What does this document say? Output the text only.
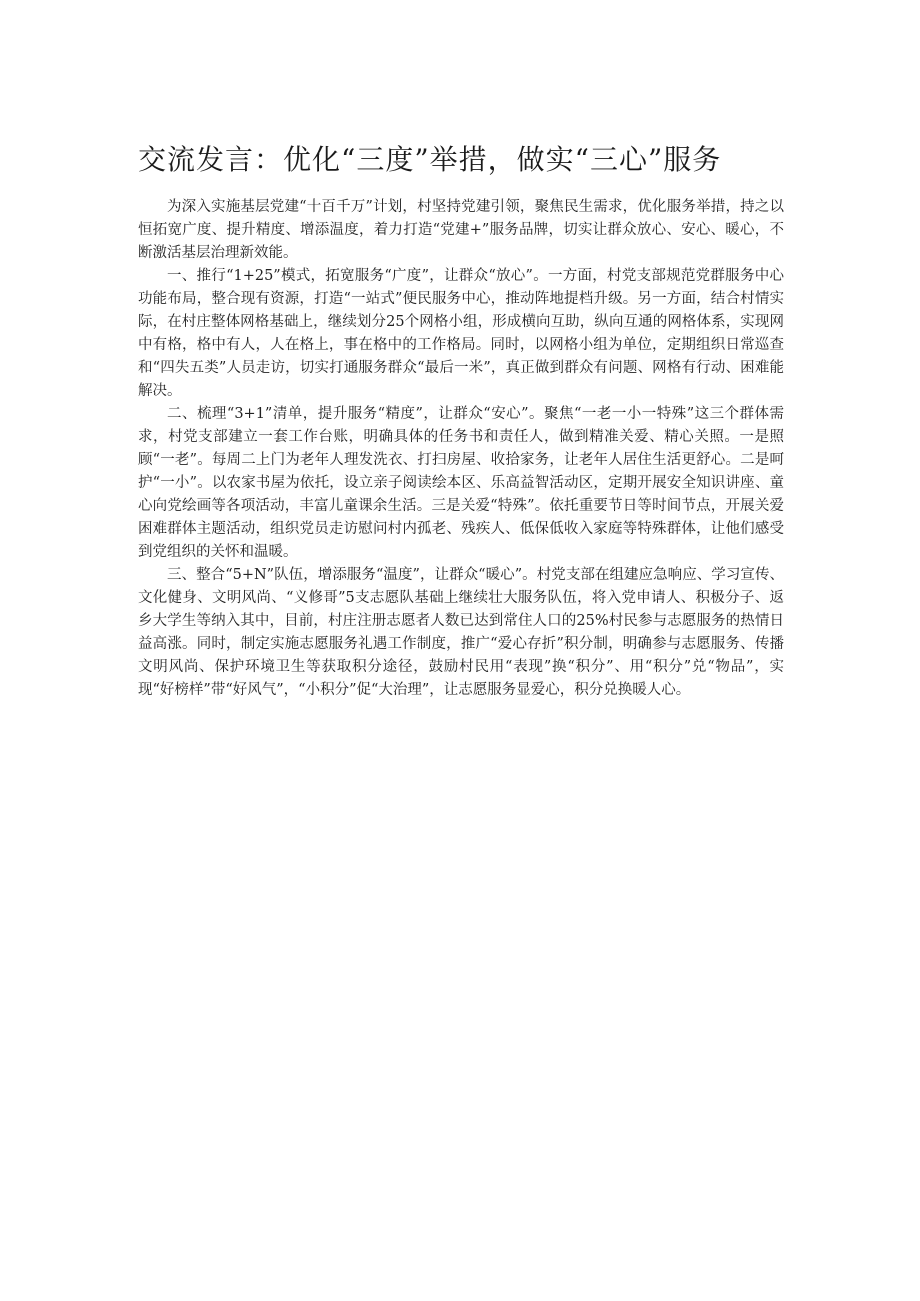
交流发言：优化“三度”举措，做实“三心”服务

为深入实施基层党建“十百千万”计划，村坚持党建引领，聚焦民生需求，优化服务举措，持之以恒拓宽广度、提升精度、增添温度，着力打造“党建+”服务品牌，切实让群众放心、安心、暖心，不断激活基层治理新效能。

一、推行“1+25”模式，拓宽服务“广度”，让群众“放心”。一方面，村党支部规范党群服务中心功能布局，整合现有资源，打造“一站式”便民服务中心，推动阵地提档升级。另一方面，结合村情实际，在村庄整体网格基础上，继续划分25个网格小组，形成横向互助，纵向互通的网格体系，实现网中有格，格中有人，人在格上，事在格中的工作格局。同时，以网格小组为单位，定期组织日常巡查和“四失五类”人员走访，切实打通服务群众“最后一米”，真正做到群众有问题、网格有行动、困难能解决。

二、梳理“3+1”清单，提升服务“精度”，让群众“安心”。聚焦“一老一小一特殊”这三个群体需求，村党支部建立一套工作台账，明确具体的任务书和责任人，做到精准关爱、精心关照。一是照顾“一老”。每周二上门为老年人理发洗衣、打扫房屋、收拾家务，让老年人居住生活更舒心。二是呵护“一小”。以农家书屋为依托，设立亲子阅读绘本区、乐高益智活动区，定期开展安全知识讲座、童心向党绘画等各项活动，丰富儿童课余生活。三是关爱“特殊”。依托重要节日等时间节点，开展关爱困难群体主题活动，组织党员走访慰问村内孤老、残疾人、低保低收入家庭等特殊群体，让他们感受到党组织的关怀和温暖。

三、整合“5+N”队伍，增添服务“温度”，让群众“暖心”。村党支部在组建应急响应、学习宣传、文化健身、文明风尚、“义修哥”5支志愿队基础上继续壮大服务队伍，将入党申请人、积极分子、返乡大学生等纳入其中，目前，村庄注册志愿者人数已达到常住人口的25%村民参与志愿服务的热情日益高涨。同时，制定实施志愿服务礼遇工作制度，推广“爱心存折”积分制，明确参与志愿服务、传播文明风尚、保护环境卫生等获取积分途径，鼓励村民用“表现”换“积分”、用“积分”兑“物品”，实现“好榜样”带“好风气”，“小积分”促“大治理”，让志愿服务显爱心，积分兑换暖人心。
